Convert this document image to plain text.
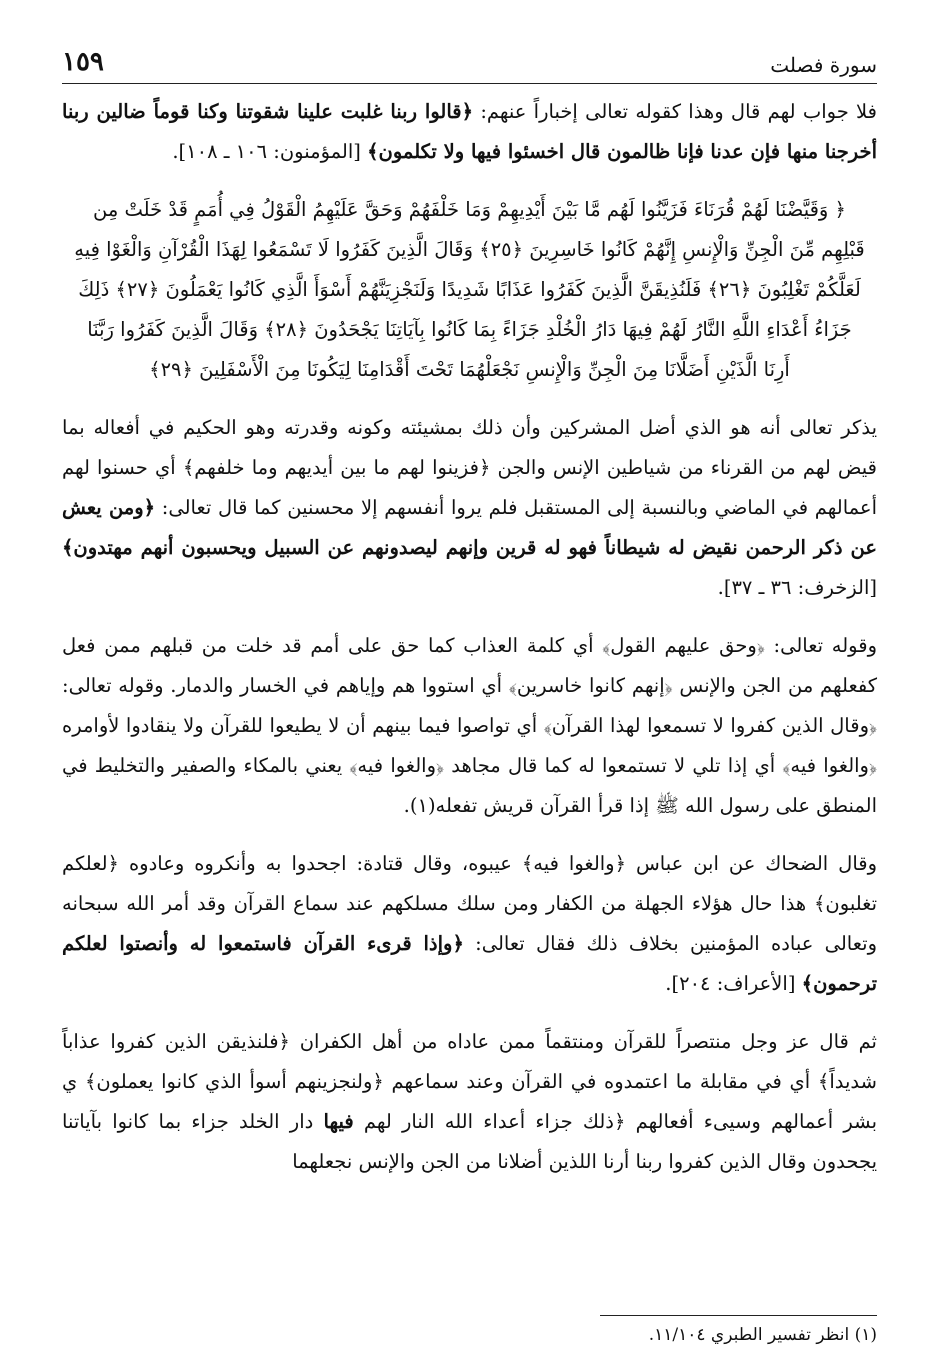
١٥٩	سورة فصلت

فلا جواب لهم قال وهذا كقوله تعالى إخباراً عنهم: ﴿قالوا ربنا غلبت علينا شقوتنا وكنا قوماً ضالين ربنا أخرجنا منها فإن عدنا فإنا ظالمون قال اخسئوا فيها ولا تكلمون﴾ [المؤمنون: ١٠٦ ـ ١٠٨].

﴿ وَقَيَّضْنَا لَهُمْ قُرَنَاءَ فَزَيَّنُوا لَهُم مَّا بَيْنَ أَيْدِيهِمْ وَمَا خَلْفَهُمْ وَحَقَّ عَلَيْهِمُ الْقَوْلُ فِي أُمَمٍ قَدْ خَلَتْ مِن قَبْلِهِم مِّنَ الْجِنِّ وَالْإِنسِ إِنَّهُمْ كَانُوا خَاسِرِينَ ﴿٢٥﴾ وَقَالَ الَّذِينَ كَفَرُوا لَا تَسْمَعُوا لِهَذَا الْقُرْآنِ وَالْغَوْا فِيهِ لَعَلَّكُمْ تَغْلِبُونَ ﴿٢٦﴾ فَلَنُذِيقَنَّ الَّذِينَ كَفَرُوا عَذَابًا شَدِيدًا وَلَنَجْزِيَنَّهُمْ أَسْوَأَ الَّذِي كَانُوا يَعْمَلُونَ ﴿٢٧﴾ ذَلِكَ جَزَاءُ أَعْدَاءِ اللَّهِ النَّارُ لَهُمْ فِيهَا دَارُ الْخُلْدِ جَزَاءً بِمَا كَانُوا بِآيَاتِنَا يَجْحَدُونَ ﴿٢٨﴾ وَقَالَ الَّذِينَ كَفَرُوا رَبَّنَا أَرِنَا الَّذَيْنِ أَضَلَّانَا مِنَ الْجِنِّ وَالْإِنسِ نَجْعَلْهُمَا تَحْتَ أَقْدَامِنَا لِيَكُونَا مِنَ الْأَسْفَلِينَ ﴿٢٩﴾

يذكر تعالى أنه هو الذي أضل المشركين وأن ذلك بمشيئته وكونه وقدرته وهو الحكيم في أفعاله بما قيض لهم من القرناء من شياطين الإنس والجن ﴿فزينوا لهم ما بين أيديهم وما خلفهم﴾ أي حسنوا لهم أعمالهم في الماضي وبالنسبة إلى المستقبل فلم يروا أنفسهم إلا محسنين كما قال تعالى: ﴿ومن يعش عن ذكر الرحمن نقيض له شيطاناً فهو له قرين وإنهم ليصدونهم عن السبيل ويحسبون أنهم مهتدون﴾ [الزخرف: ٣٦ ـ ٣٧].

وقوله تعالى: ﴿وحق عليهم القول﴾ أي كلمة العذاب كما حق على أمم قد خلت من قبلهم ممن فعل كفعلهم من الجن والإنس ﴿إنهم كانوا خاسرين﴾ أي استووا هم وإياهم في الخسار والدمار. وقوله تعالى: ﴿وقال الذين كفروا لا تسمعوا لهذا القرآن﴾ أي تواصوا فيما بينهم أن لا يطيعوا للقرآن ولا ينقادوا لأوامره ﴿والغوا فيه﴾ أي إذا تلي لا تستمعوا له كما قال مجاهد ﴿والغوا فيه﴾ يعني بالمكاء والصفير والتخليط في المنطق على رسول الله ﷺ إذا قرأ القرآن قريش تفعله(١).

وقال الضحاك عن ابن عباس ﴿والغوا فيه﴾ عيبوه، وقال قتادة: اجحدوا به وأنكروه وعادوه ﴿لعلكم تغلبون﴾ هذا حال هؤلاء الجهلة من الكفار ومن سلك مسلكهم عند سماع القرآن وقد أمر الله سبحانه وتعالى عباده المؤمنين بخلاف ذلك فقال تعالى: ﴿وإذا قرىء القرآن فاستمعوا له وأنصتوا لعلكم ترحمون﴾ [الأعراف: ٢٠٤].

ثم قال عز وجل منتصراً للقرآن ومنتقماً ممن عاداه من أهل الكفران ﴿فلنذيقن الذين كفروا عذاباً شديداً﴾ أي في مقابلة ما اعتمدوه في القرآن وعند سماعهم ﴿ولنجزينهم أسوأ الذي كانوا يعملون﴾ ي بشر أعمالهم وسيىء أفعالهم ﴿ذلك جزاء أعداء الله النار لهم فيها دار الخلد جزاء بما كانوا بآياتنا يجحدون وقال الذين كفروا ربنا أرنا اللذين أضلانا من الجن والإنس نجعلهما

(١) انظر تفسير الطبري ١١/١٠٤.
